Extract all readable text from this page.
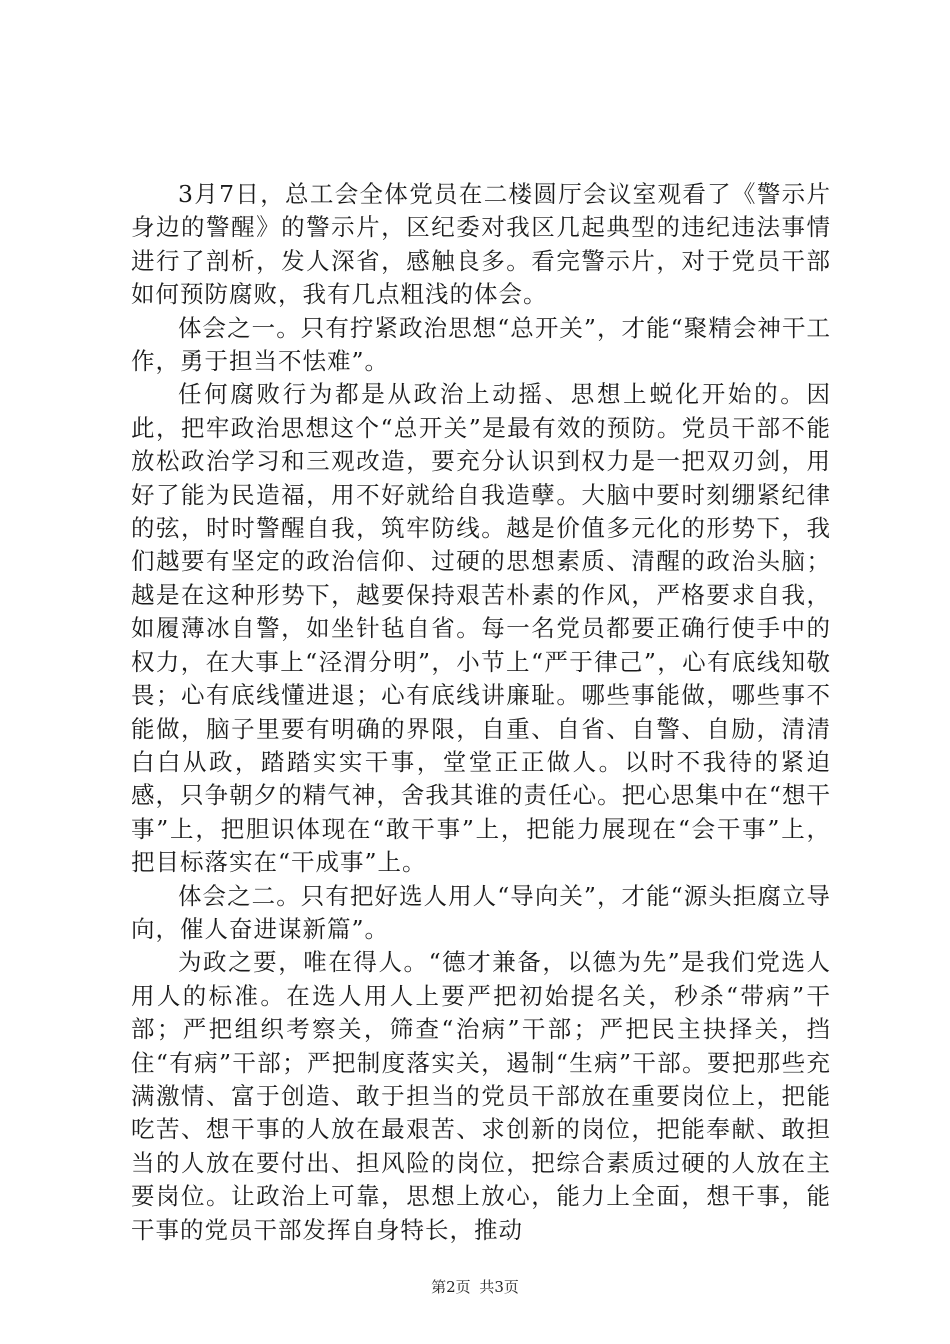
3月7日，总工会全体党员在二楼圆厅会议室观看了《警示片身边的警醒》的警示片，区纪委对我区几起典型的违纪违法事情进行了剖析，发人深省，感触良多。看完警示片，对于党员干部如何预防腐败，我有几点粗浅的体会。

体会之一。只有拧紧政治思想“总开关”，才能“聚精会神干工作，勇于担当不怯难”。

任何腐败行为都是从政治上动摇、思想上蜕化开始的。因此，把牢政治思想这个“总开关”是最有效的预防。党员干部不能放松政治学习和三观改造，要充分认识到权力是一把双刃剑，用好了能为民造福，用不好就给自我造孽。大脑中要时刻绷紧纪律的弦，时时警醒自我，筑牢防线。越是价值多元化的形势下，我们越要有坚定的政治信仰、过硬的思想素质、清醒的政治头脑；越是在这种形势下，越要保持艰苦朴素的作风，严格要求自我，如履薄冰自警，如坐针毡自省。每一名党员都要正确行使手中的权力，在大事上“泾渭分明”，小节上“严于律己”，心有底线知敬畏；心有底线懂进退；心有底线讲廉耻。哪些事能做，哪些事不能做，脑子里要有明确的界限，自重、自省、自警、自励，清清白白从政，踏踏实实干事，堂堂正正做人。以时不我待的紧迫感，只争朝夕的精气神，舍我其谁的责任心。把心思集中在“想干事”上，把胆识体现在“敢干事”上，把能力展现在“会干事”上，把目标落实在“干成事”上。

体会之二。只有把好选人用人“导向关”，才能“源头拒腐立导向，催人奋进谋新篇”。

为政之要，唯在得人。“德才兼备，以德为先”是我们党选人用人的标准。在选人用人上要严把初始提名关，秒杀“带病”干部；严把组织考察关，筛查“治病”干部；严把民主抉择关，挡住“有病”干部；严把制度落实关，遏制“生病”干部。要把那些充满激情、富于创造、敢于担当的党员干部放在重要岗位上，把能吃苦、想干事的人放在最艰苦、求创新的岗位，把能奉献、敢担当的人放在要付出、担风险的岗位，把综合素质过硬的人放在主要岗位。让政治上可靠，思想上放心，能力上全面，想干事，能干事的党员干部发挥自身特长，推动

第2页 共3页
